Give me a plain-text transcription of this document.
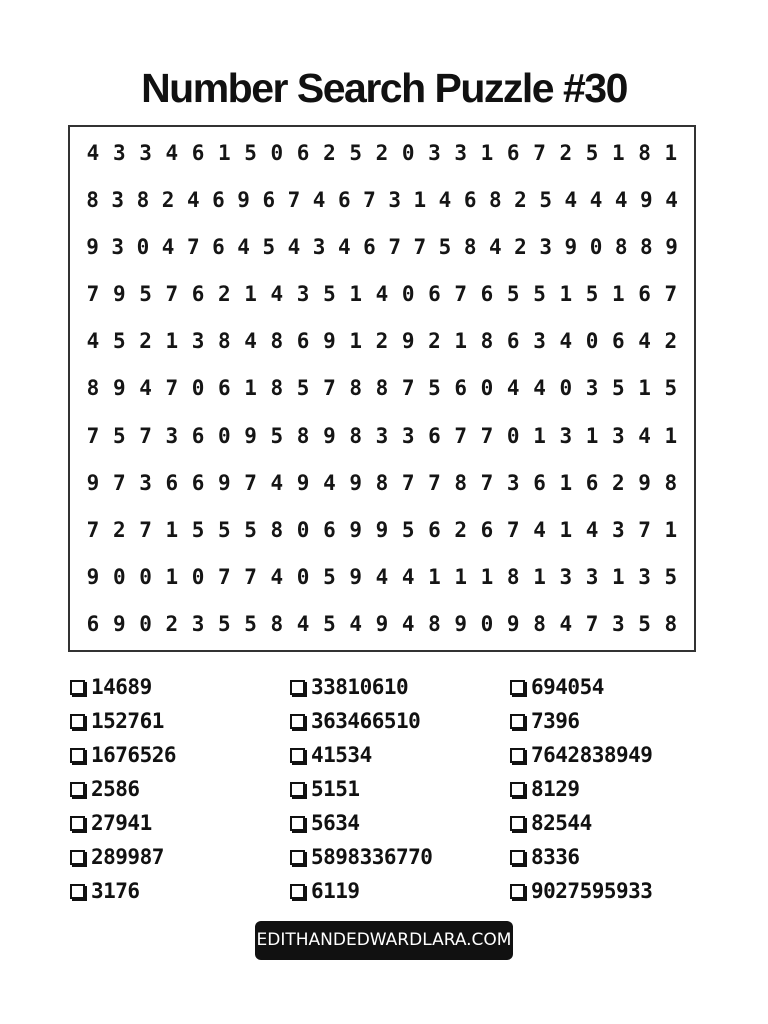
Number Search Puzzle #30
4 3 3 4 6 1 5 0 6 2 5 2 0 3 3 1 6 7 2 5 1 8 1
8 3 8 2 4 6 9 6 7 4 6 7 3 1 4 6 8 2 5 4 4 4 9 4
9 3 0 4 7 6 4 5 4 3 4 6 7 7 5 8 4 2 3 9 0 8 8 9
7 9 5 7 6 2 1 4 3 5 1 4 0 6 7 6 5 5 1 5 1 6 7
4 5 2 1 3 8 4 8 6 9 1 2 9 2 1 8 6 3 4 0 6 4 2
8 9 4 7 0 6 1 8 5 7 8 8 7 5 6 0 4 4 0 3 5 1 5
7 5 7 3 6 0 9 5 8 9 8 3 3 6 7 7 0 1 3 1 3 4 1
9 7 3 6 6 9 7 4 9 4 9 8 7 7 8 7 3 6 1 6 2 9 8
7 2 7 1 5 5 5 8 0 6 9 9 5 6 2 6 7 4 1 4 3 7 1
9 0 0 1 0 7 7 4 0 5 9 4 4 1 1 1 8 1 3 3 1 3 5
6 9 0 2 3 5 5 8 4 5 4 9 4 8 9 0 9 8 4 7 3 5 8
14689
152761
1676526
2586
27941
289987
3176
33810610
363466510
41534
5151
5634
5898336770
6119
694054
7396
7642838949
8129
82544
8336
9027595933
EDITHANDEDWARDLARA.COM
